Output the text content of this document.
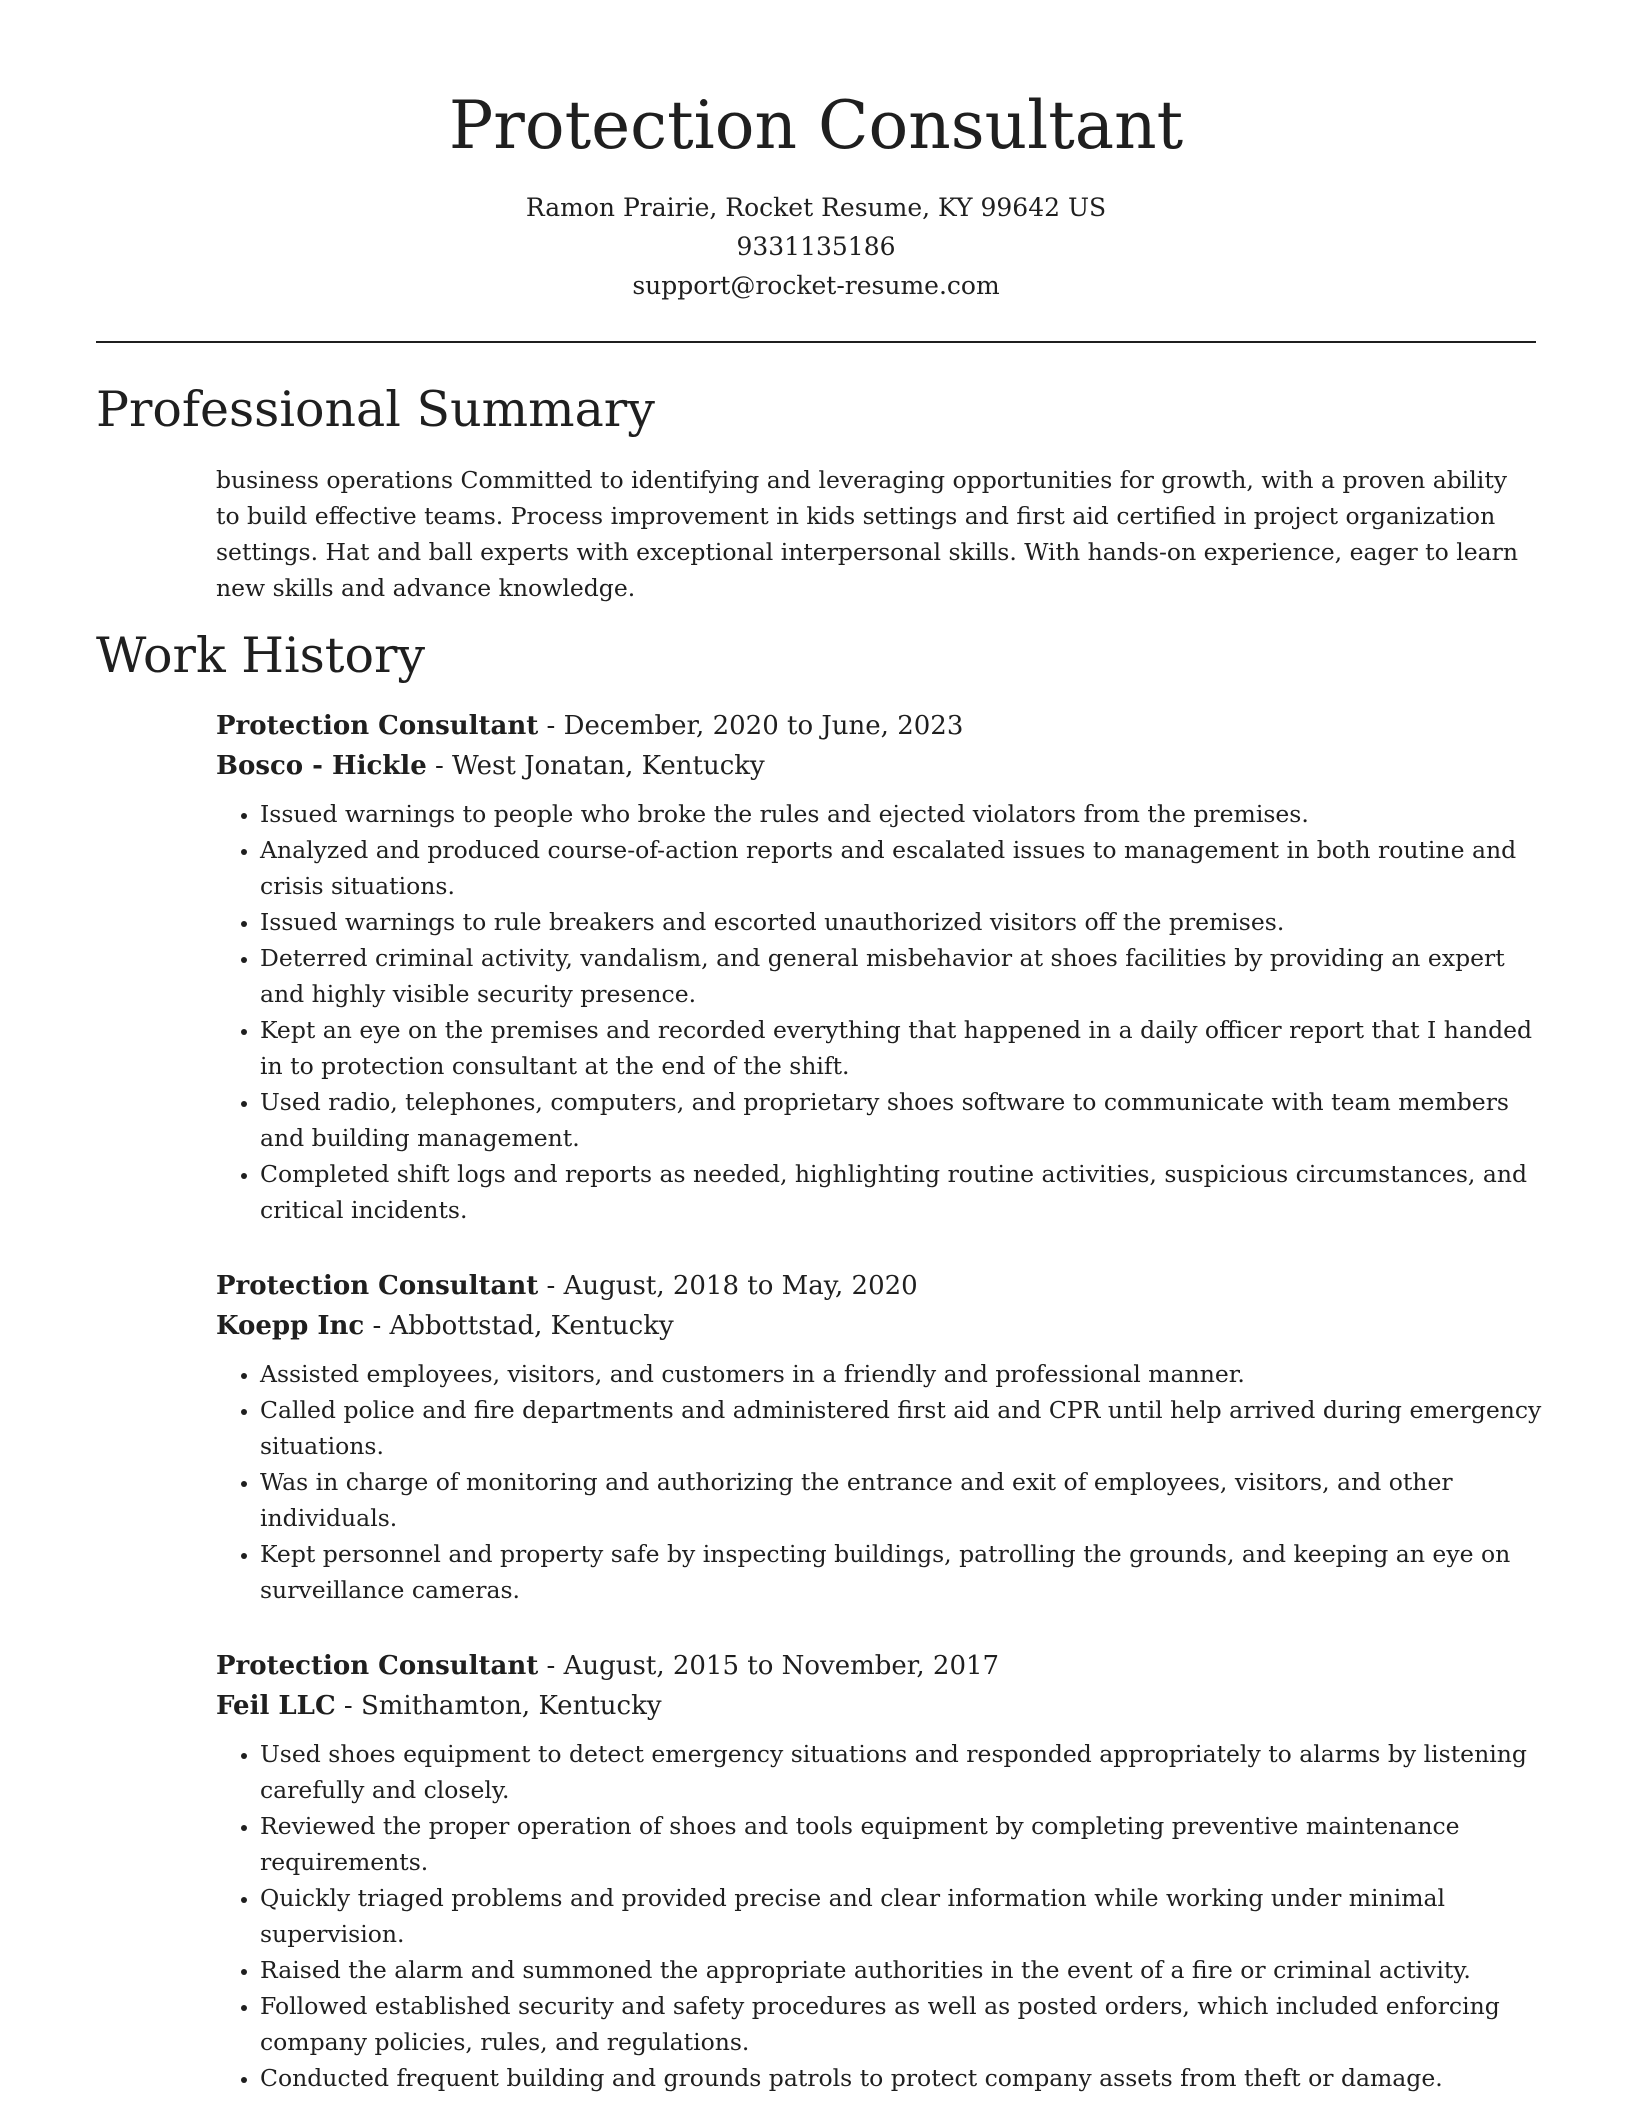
Protection Consultant

Ramon Prairie, Rocket Resume, KY 99642 US

9331135186

support@rocket-resume.com

Professional Summary

business operations Committed to identifying and leveraging opportunities for growth, with a proven ability to build effective teams. Process improvement in kids settings and first aid certified in project organization settings. Hat and ball experts with exceptional interpersonal skills. With hands-on experience, eager to learn new skills and advance knowledge.

Work History

Protection Consultant - December, 2020 to June, 2023

Bosco - Hickle - West Jonatan, Kentucky

• Issued warnings to people who broke the rules and ejected violators from the premises.
• Analyzed and produced course-of-action reports and escalated issues to management in both routine and crisis situations.
• Issued warnings to rule breakers and escorted unauthorized visitors off the premises.
• Deterred criminal activity, vandalism, and general misbehavior at shoes facilities by providing an expert and highly visible security presence.
• Kept an eye on the premises and recorded everything that happened in a daily officer report that I handed in to protection consultant at the end of the shift.
• Used radio, telephones, computers, and proprietary shoes software to communicate with team members and building management.
• Completed shift logs and reports as needed, highlighting routine activities, suspicious circumstances, and critical incidents.

Protection Consultant - August, 2018 to May, 2020

Koepp Inc - Abbottstad, Kentucky

• Assisted employees, visitors, and customers in a friendly and professional manner.
• Called police and fire departments and administered first aid and CPR until help arrived during emergency situations.
• Was in charge of monitoring and authorizing the entrance and exit of employees, visitors, and other individuals.
• Kept personnel and property safe by inspecting buildings, patrolling the grounds, and keeping an eye on surveillance cameras.

Protection Consultant - August, 2015 to November, 2017

Feil LLC - Smithamton, Kentucky

• Used shoes equipment to detect emergency situations and responded appropriately to alarms by listening carefully and closely.
• Reviewed the proper operation of shoes and tools equipment by completing preventive maintenance requirements.
• Quickly triaged problems and provided precise and clear information while working under minimal supervision.
• Raised the alarm and summoned the appropriate authorities in the event of a fire or criminal activity.
• Followed established security and safety procedures as well as posted orders, which included enforcing company policies, rules, and regulations.
• Conducted frequent building and grounds patrols to protect company assets from theft or damage.
